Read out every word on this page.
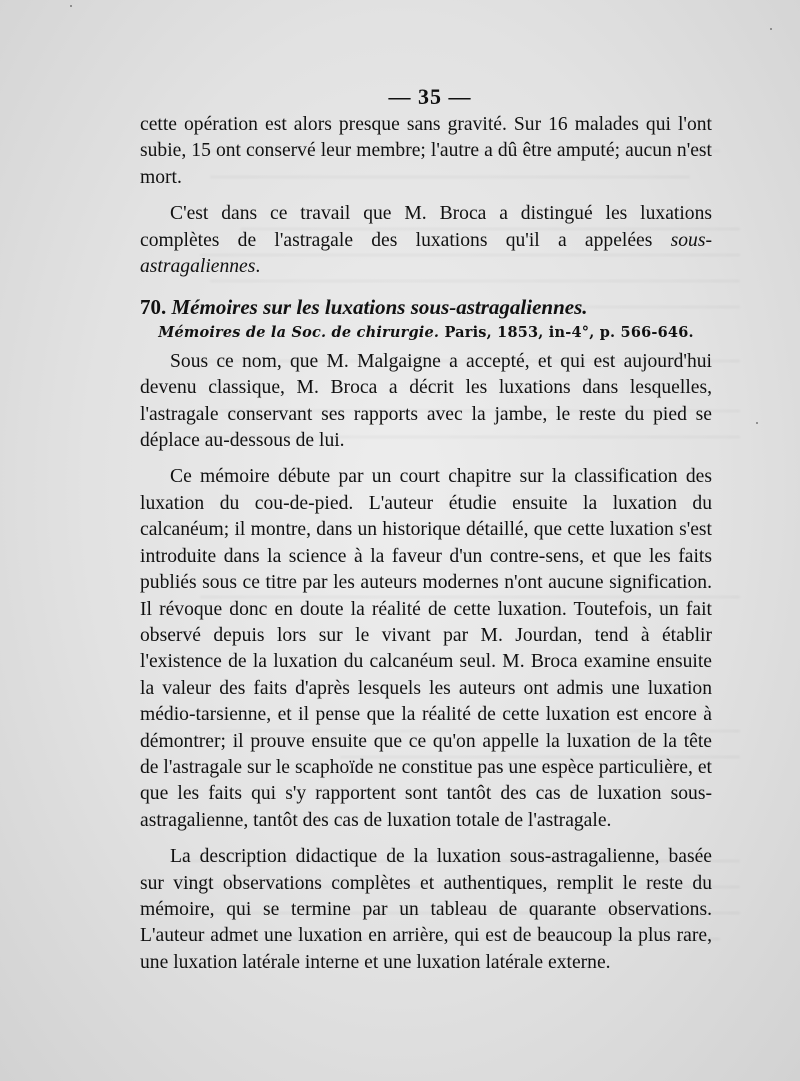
— 35 —

cette opération est alors presque sans gravité. Sur 16 malades qui l'ont subie, 15 ont conservé leur membre; l'autre a dû être amputé; aucun n'est mort.

C'est dans ce travail que M. Broca a distingué les luxations complètes de l'astragale des luxations qu'il a appelées sous-astragaliennes.

70. Mémoires sur les luxations sous-astragaliennes.

Mémoires de la Soc. de chirurgie. Paris, 1853, in-4°, p. 566-646.

Sous ce nom, que M. Malgaigne a accepté, et qui est aujourd'hui devenu classique, M. Broca a décrit les luxations dans lesquelles, l'astragale conservant ses rapports avec la jambe, le reste du pied se déplace au-dessous de lui.

Ce mémoire débute par un court chapitre sur la classification des luxation du cou-de-pied. L'auteur étudie ensuite la luxation du calcanéum; il montre, dans un historique détaillé, que cette luxation s'est introduite dans la science à la faveur d'un contre-sens, et que les faits publiés sous ce titre par les auteurs modernes n'ont aucune signification. Il révoque donc en doute la réalité de cette luxation. Toutefois, un fait observé depuis lors sur le vivant par M. Jourdan, tend à établir l'existence de la luxation du calcanéum seul. M. Broca examine ensuite la valeur des faits d'après lesquels les auteurs ont admis une luxation médio-tarsienne, et il pense que la réalité de cette luxation est encore à démontrer; il prouve ensuite que ce qu'on appelle la luxation de la tête de l'astragale sur le scaphoïde ne constitue pas une espèce particulière, et que les faits qui s'y rapportent sont tantôt des cas de luxation sous-astragalienne, tantôt des cas de luxation totale de l'astragale.

La description didactique de la luxation sous-astragalienne, basée sur vingt observations complètes et authentiques, remplit le reste du mémoire, qui se termine par un tableau de quarante observations. L'auteur admet une luxation en arrière, qui est de beaucoup la plus rare, une luxation latérale interne et une luxation latérale externe.
